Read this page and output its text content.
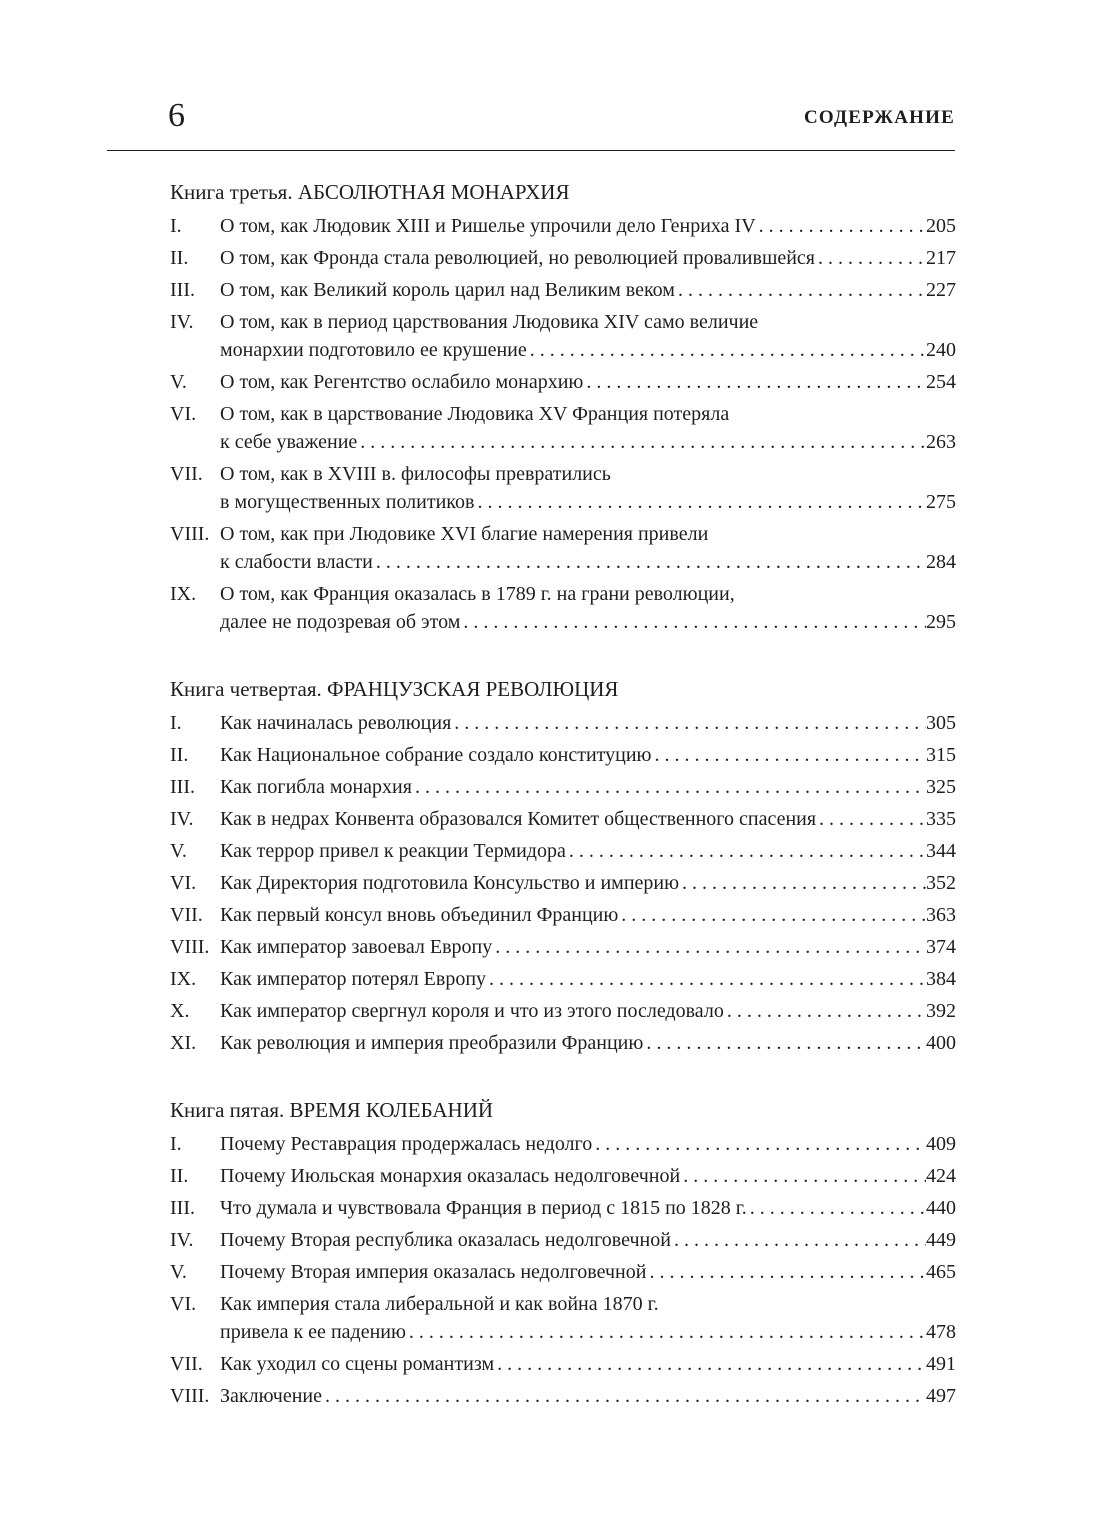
6	СОДЕРЖАНИЕ
Книга третья. АБСОЛЮТНАЯ МОНАРХИЯ
I.	О том, как Людовик XIII и Ришелье упрочили дело Генриха IV . . .	205
II.	О том, как Фронда стала революцией, но революцией провалившейся . . .	217
III.	О том, как Великий король царил над Великим веком . . .	227
IV.	О том, как в период царствования Людовика XIV само величие
монархии подготовило ее крушение . . .	240
V.	О том, как Регентство ослабило монархию . . .	254
VI.	О том, как в царствование Людовика XV Франция потеряла
к себе уважение . . .	263
VII. О том, как в XVIII в. философы превратились
в могущественных политиков . . .	275
VIII. О том, как при Людовике XVI благие намерения привели
к слабости власти . . .	284
IX.	О том, как Франция оказалась в 1789 г. на грани революции,
далее не подозревая об этом . . .	295
Книга четвертая. ФРАНЦУЗСКАЯ РЕВОЛЮЦИЯ
I.	Как начиналась революция . . .	305
II.	Как Национальное собрание создало конституцию . . .	315
III.	Как погибла монархия . . .	325
IV.	Как в недрах Конвента образовался Комитет общественного спасения . . .	335
V.	Как террор привел к реакции Термидора . . .	344
VI.	Как Директория подготовила Консульство и империю . . .	352
VII. Как первый консул вновь объединил Францию . . .	363
VIII. Как император завоевал Европу . . .	374
IX.	Как император потерял Европу . . .	384
X.	Как император свергнул короля и что из этого последовало . . .	392
XI.	Как революция и империя преобразили Францию . . .	400
Книга пятая. ВРЕМЯ КОЛЕБАНИЙ
I.	Почему Реставрация продержалась недолго . . .	409
II.	Почему Июльская монархия оказалась недолговечной . . .	424
III.	Что думала и чувствовала Франция в период с 1815 по 1828 г. . . .	440
IV.	Почему Вторая республика оказалась недолговечной . . .	449
V.	Почему Вторая империя оказалась недолговечной . . .	465
VI.	Как империя стала либеральной и как война 1870 г.
привела к ее падению . . .	478
VII. Как уходил со сцены романтизм . . .	491
VIII. Заключение . . .	497
